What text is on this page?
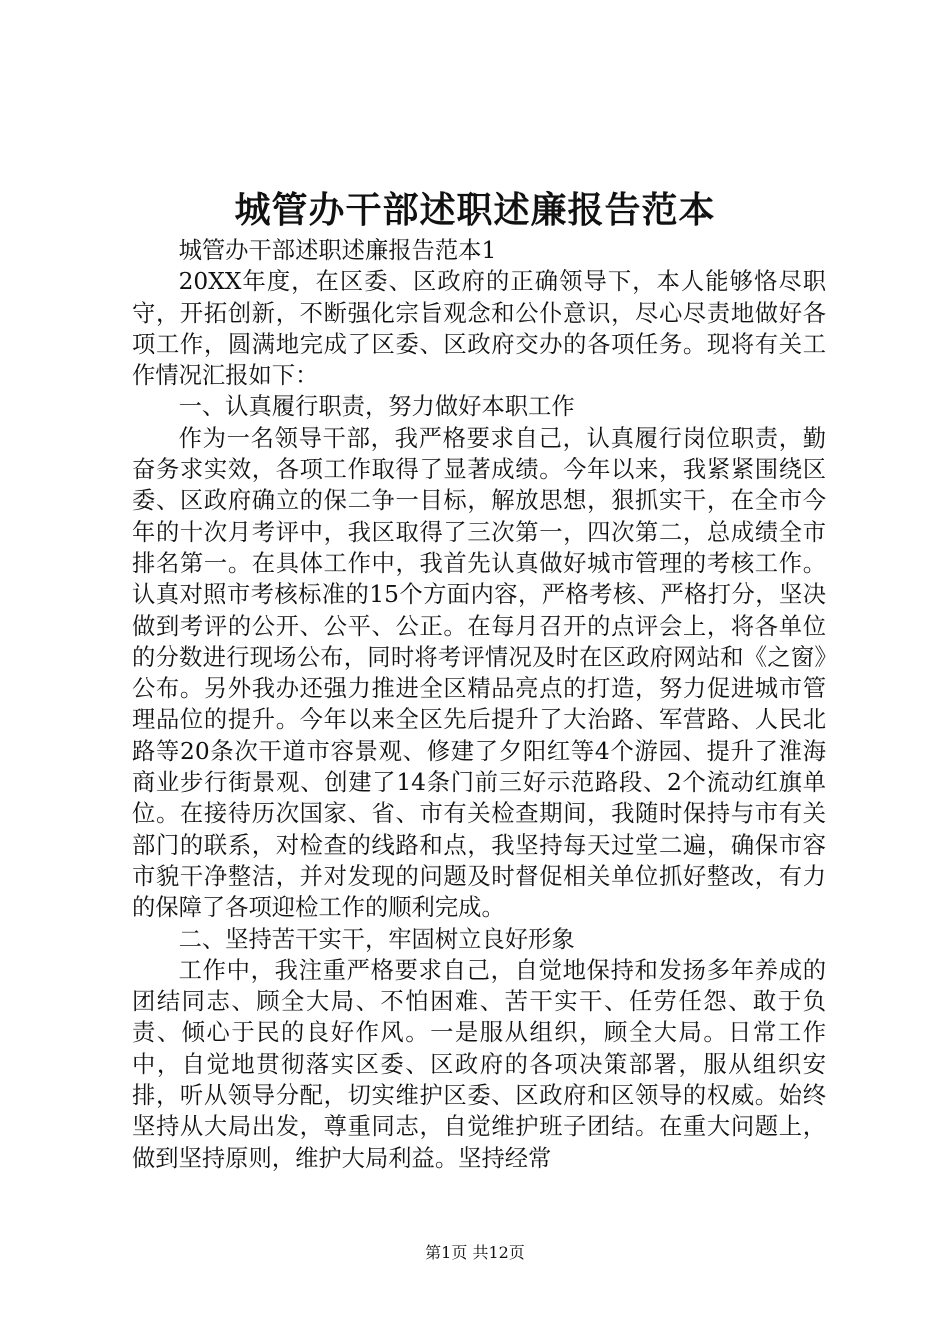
城管办干部述职述廉报告范本

城管办干部述职述廉报告范本1

20XX年度，在区委、区政府的正确领导下，本人能够恪尽职守，开拓创新，不断强化宗旨观念和公仆意识，尽心尽责地做好各项工作，圆满地完成了区委、区政府交办的各项任务。现将有关工作情况汇报如下：

一、认真履行职责，努力做好本职工作

作为一名领导干部，我严格要求自己，认真履行岗位职责，勤奋务求实效，各项工作取得了显著成绩。今年以来，我紧紧围绕区委、区政府确立的保二争一目标，解放思想，狠抓实干，在全市今年的十次月考评中，我区取得了三次第一，四次第二，总成绩全市排名第一。在具体工作中，我首先认真做好城市管理的考核工作。认真对照市考核标准的15个方面内容，严格考核、严格打分，坚决做到考评的公开、公平、公正。在每月召开的点评会上，将各单位的分数进行现场公布，同时将考评情况及时在区政府网站和《之窗》公布。另外我办还强力推进全区精品亮点的打造，努力促进城市管理品位的提升。今年以来全区先后提升了大治路、军营路、人民北路等20条次干道市容景观、修建了夕阳红等4个游园、提升了淮海商业步行街景观、创建了14条门前三好示范路段、2个流动红旗单位。在接待历次国家、省、市有关检查期间，我随时保持与市有关部门的联系，对检查的线路和点，我坚持每天过堂二遍，确保市容市貌干净整洁，并对发现的问题及时督促相关单位抓好整改，有力的保障了各项迎检工作的顺利完成。

二、坚持苦干实干，牢固树立良好形象

工作中，我注重严格要求自己，自觉地保持和发扬多年养成的团结同志、顾全大局、不怕困难、苦干实干、任劳任怨、敢于负责、倾心于民的良好作风。一是服从组织，顾全大局。日常工作中，自觉地贯彻落实区委、区政府的各项决策部署，服从组织安排，听从领导分配，切实维护区委、区政府和区领导的权威。始终坚持从大局出发，尊重同志，自觉维护班子团结。在重大问题上，做到坚持原则，维护大局利益。坚持经常

第1页 共12页
